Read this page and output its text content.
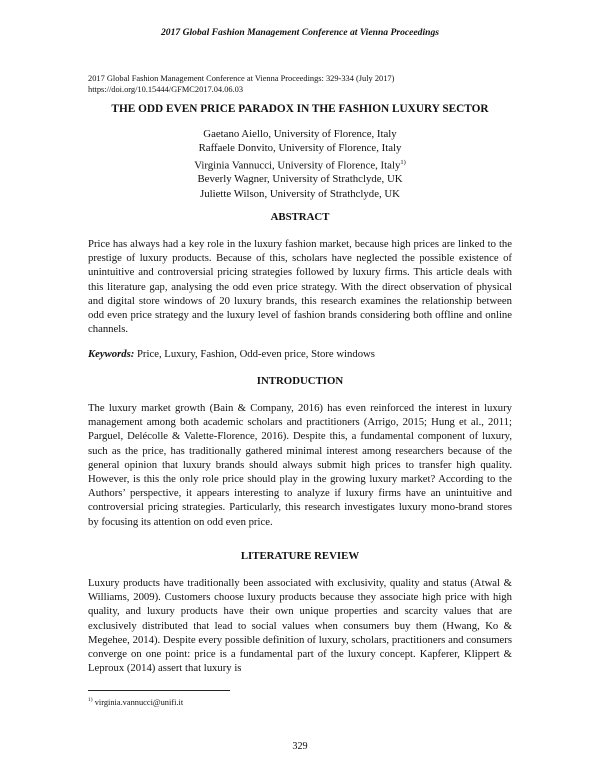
2017 Global Fashion Management Conference at Vienna Proceedings
2017 Global Fashion Management Conference at Vienna Proceedings: 329-334 (July 2017)
https://doi.org/10.15444/GFMC2017.04.06.03
THE ODD EVEN PRICE PARADOX IN THE FASHION LUXURY SECTOR
Gaetano Aiello, University of Florence, Italy
Raffaele Donvito, University of Florence, Italy
Virginia Vannucci, University of Florence, Italy$^{1)}$
Beverly Wagner, University of Strathclyde, UK
Juliette Wilson, University of Strathclyde, UK
ABSTRACT

Price has always had a key role in the luxury fashion market, because high prices are linked to the prestige of luxury products. Because of this, scholars have neglected the possible existence of unintuitive and controversial pricing strategies followed by luxury firms. This article deals with this literature gap, analysing the odd even price strategy. With the direct observation of physical and digital store windows of 20 luxury brands, this research examines the relationship between odd even price strategy and the luxury level of fashion brands considering both offline and online channels.

Keywords: Price, Luxury, Fashion, Odd-even price, Store windows

INTRODUCTION

The luxury market growth (Bain & Company, 2016) has even reinforced the interest in luxury management among both academic scholars and practitioners (Arrigo, 2015; Hung et al., 2011; Parguel, Delécolle & Valette-Florence, 2016). Despite this, a fundamental component of luxury, such as the price, has traditionally gathered minimal interest among researchers because of the general opinion that luxury brands should always submit high prices to transfer high quality. However, is this the only role price should play in the growing luxury market? According to the Authors’ perspective, it appears interesting to analyze if luxury firms have an unintuitive and controversial pricing strategies. Particularly, this research investigates luxury mono-brand stores by focusing its attention on odd even price.

LITERATURE REVIEW

Luxury products have traditionally been associated with exclusivity, quality and status (Atwal & Williams, 2009). Customers choose luxury products because they associate high price with high quality, and luxury products have their own unique properties and scarcity values that are exclusively distributed that lead to social values when consumers buy them (Hwang, Ko & Megehee, 2014). Despite every possible definition of luxury, scholars, practitioners and consumers converge on one point: price is a fundamental part of the luxury concept. Kapferer, Klippert & Leproux (2014) assert that luxury is

$^{1)}$ virginia.vannucci@unifi.it
329
